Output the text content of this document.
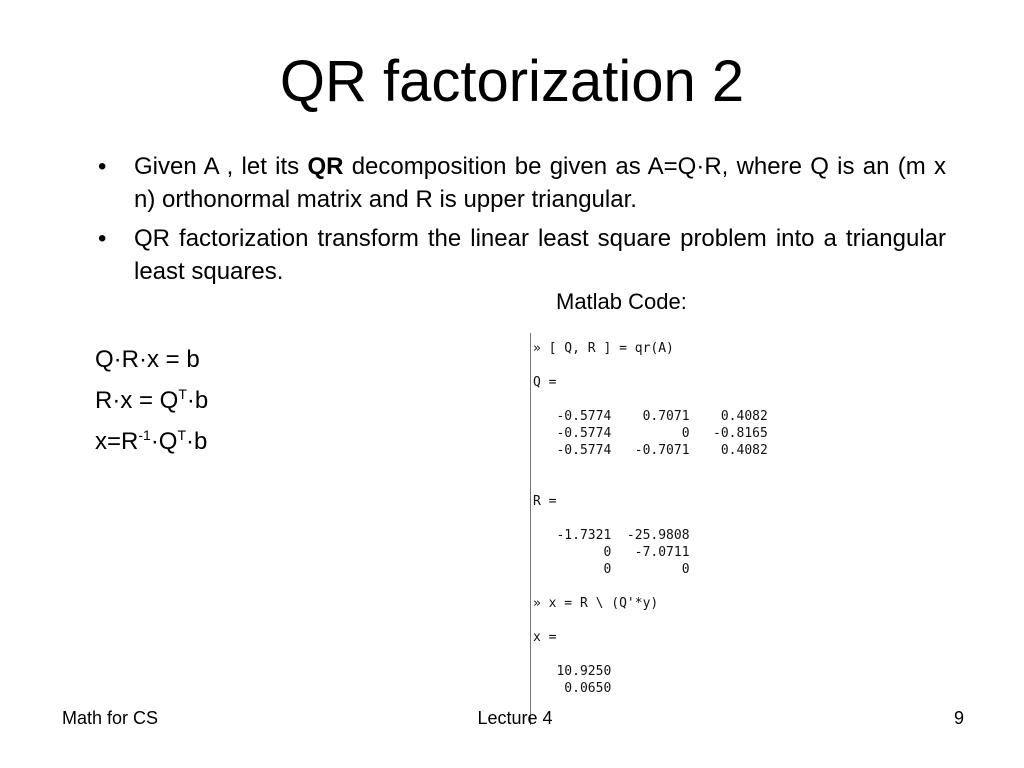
QR factorization 2
• Given A , let its QR decomposition be given as A=Q·R, where Q is an (m x n) orthonormal matrix and R is upper triangular.
• QR factorization transform the linear least square problem into a triangular least squares.
Matlab Code:
Q·R·x = b
$R\cdot x = Q^T\cdot b$
$x=R^{-1}\cdot Q^T\cdot b$
» [ Q, R ] = qr(A)

Q =

-0.5774    0.7071    0.4082
-0.5774         0   -0.8165
-0.5774   -0.7071    0.4082

R =

-1.7321  -25.9808
0   -7.0711
0         0

» x = R \ (Q'*y)

x =

10.9250
0.0650
Math for CS	Lecture 4	9
